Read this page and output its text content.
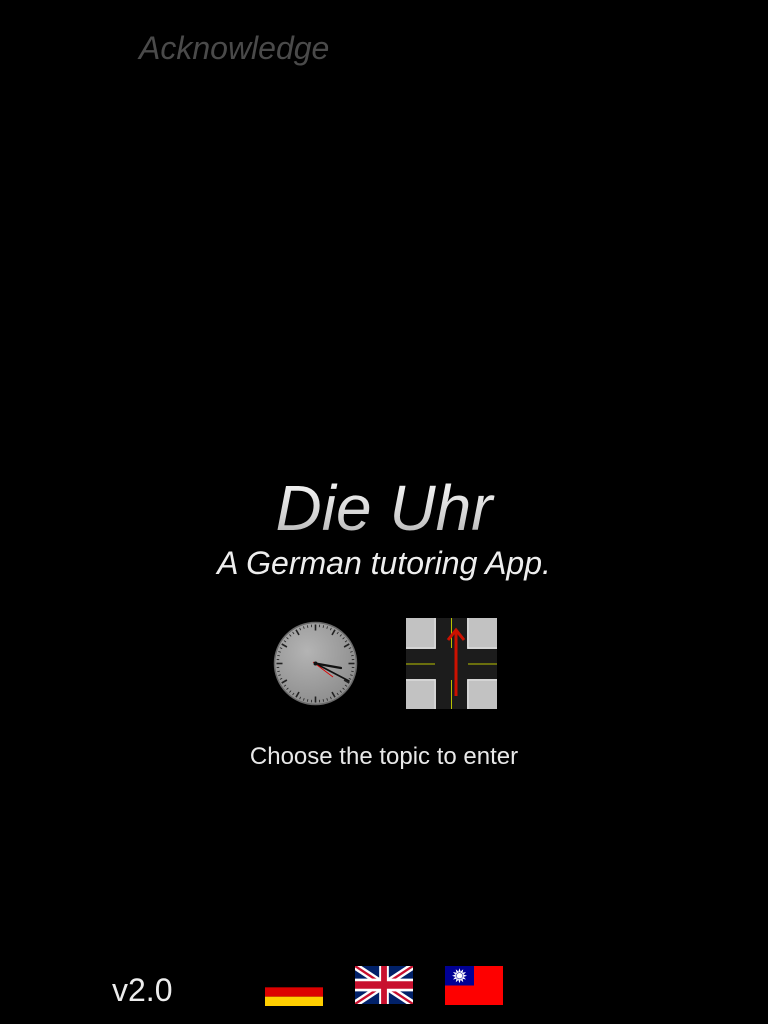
Acknowledge
Die Uhr
A German tutoring App.
Choose the topic to enter
v2.0
